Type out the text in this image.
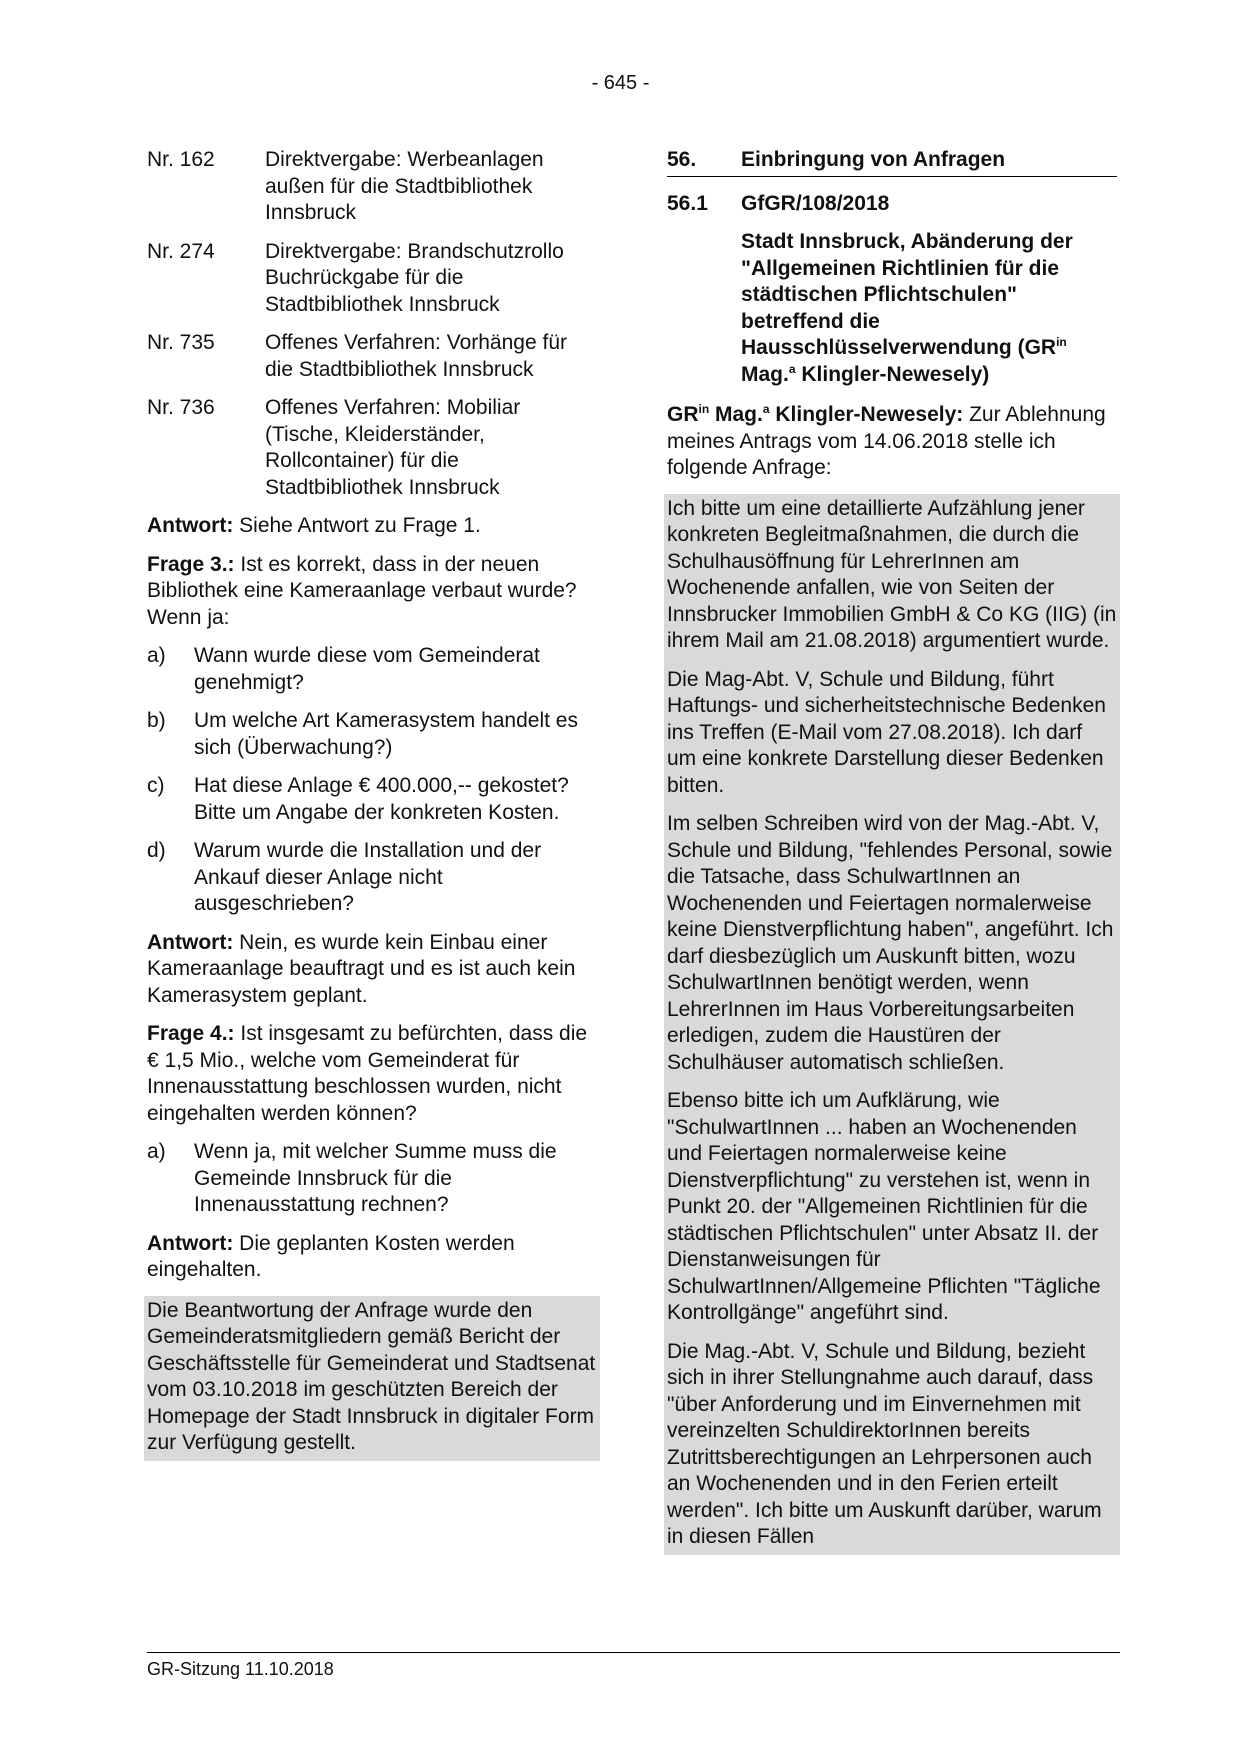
- 645 -
Nr. 162	Direktvergabe: Werbeanlagen außen für die Stadtbibliothek Innsbruck
Nr. 274	Direktvergabe: Brandschutzrollo Buchrückgabe für die Stadtbibliothek Innsbruck
Nr. 735	Offenes Verfahren: Vorhänge für die Stadtbibliothek Innsbruck
Nr. 736	Offenes Verfahren: Mobiliar (Tische, Kleiderständer, Rollcontainer) für die Stadtbibliothek Innsbruck

Antwort: Siehe Antwort zu Frage 1.

Frage 3.: Ist es korrekt, dass in der neuen Bibliothek eine Kameraanlage verbaut wurde?

Wenn ja:

a)	Wann wurde diese vom Gemeinderat genehmigt?
b)	Um welche Art Kamerasystem handelt es sich (Überwachung?)
c)	Hat diese Anlage € 400.000,-- gekostet? Bitte um Angabe der konkreten Kosten.
d)	Warum wurde die Installation und der Ankauf dieser Anlage nicht ausgeschrieben?

Antwort: Nein, es wurde kein Einbau einer Kameraanlage beauftragt und es ist auch kein Kamerasystem geplant.

Frage 4.: Ist insgesamt zu befürchten, dass die € 1,5 Mio., welche vom Gemeinderat für Innenausstattung beschlossen wurden, nicht eingehalten werden können?

a)	Wenn ja, mit welcher Summe muss die Gemeinde Innsbruck für die Innenausstattung rechnen?

Antwort: Die geplanten Kosten werden eingehalten.

Die Beantwortung der Anfrage wurde den Gemeinderatsmitgliedern gemäß Bericht der Geschäftsstelle für Gemeinderat und Stadtsenat vom 03.10.2018 im geschützten Bereich der Homepage der Stadt Innsbruck in digitaler Form zur Verfügung gestellt.

56.	Einbringung von Anfragen
56.1	GfGR/108/2018
Stadt Innsbruck, Abänderung der "Allgemeinen Richtlinien für die städtischen Pflichtschulen" betreffend die Hausschlüsselverwendung ($GR^{in}$ Mag.$^a$ Klingler-Newesely)

$GR^{in}$ Mag.$^a$ Klingler-Newesely: Zur Ablehnung meines Antrags vom 14.06.2018 stelle ich folgende Anfrage:

Ich bitte um eine detaillierte Aufzählung jener konkreten Begleitmaßnahmen, die durch die Schulhausöffnung für LehrerInnen am Wochenende anfallen, wie von Seiten der Innsbrucker Immobilien GmbH & Co KG (IIG) (in ihrem Mail am 21.08.2018) argumentiert wurde.

Die Mag-Abt. V, Schule und Bildung, führt Haftungs- und sicherheitstechnische Bedenken ins Treffen (E-Mail vom 27.08.2018). Ich darf um eine konkrete Darstellung dieser Bedenken bitten.

Im selben Schreiben wird von der Mag.-Abt. V, Schule und Bildung, "fehlendes Personal, sowie die Tatsache, dass SchulwartInnen an Wochenenden und Feiertagen normalerweise keine Dienstverpflichtung haben", angeführt. Ich darf diesbezüglich um Auskunft bitten, wozu SchulwartInnen benötigt werden, wenn LehrerInnen im Haus Vorbereitungsarbeiten erledigen, zudem die Haustüren der Schulhäuser automatisch schließen.

Ebenso bitte ich um Aufklärung, wie "SchulwartInnen ... haben an Wochenenden und Feiertagen normalerweise keine Dienstverpflichtung" zu verstehen ist, wenn in Punkt 20. der "Allgemeinen Richtlinien für die städtischen Pflichtschulen" unter Absatz II. der Dienstanweisungen für SchulwartInnen/Allgemeine Pflichten "Tägliche Kontrollgänge" angeführt sind.

Die Mag.-Abt. V, Schule und Bildung, bezieht sich in ihrer Stellungnahme auch darauf, dass "über Anforderung und im Einvernehmen mit vereinzelten SchuldirektorInnen bereits Zutrittsberechtigungen an Lehrpersonen auch an Wochenenden und in den Ferien erteilt werden". Ich bitte um Auskunft darüber, warum in diesen Fällen

GR-Sitzung 11.10.2018
